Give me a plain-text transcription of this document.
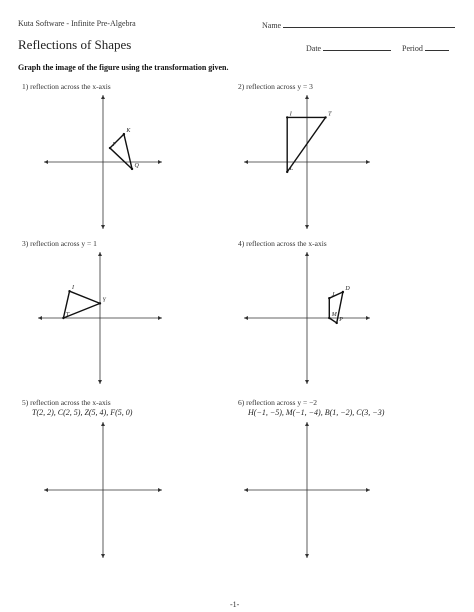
Kuta Software - Infinite Pre-Algebra	Name
Reflections of Shapes	Date	Period
Graph the image of the figure using the transformation given.
1) reflection across the x-axis	2) reflection across y = 3
3) reflection across y = 1	4) reflection across the x-axis
5) reflection across the x-axis
T(2, 2), C(2, 5), Z(5, 4), F(5, 0)
6) reflection across y = −2
H(−1, −5), M(−1, −4), B(1, −2), C(3, −3)
K
F
Q
I	T
L
I
Y
T
D
J
M
P
-1-
